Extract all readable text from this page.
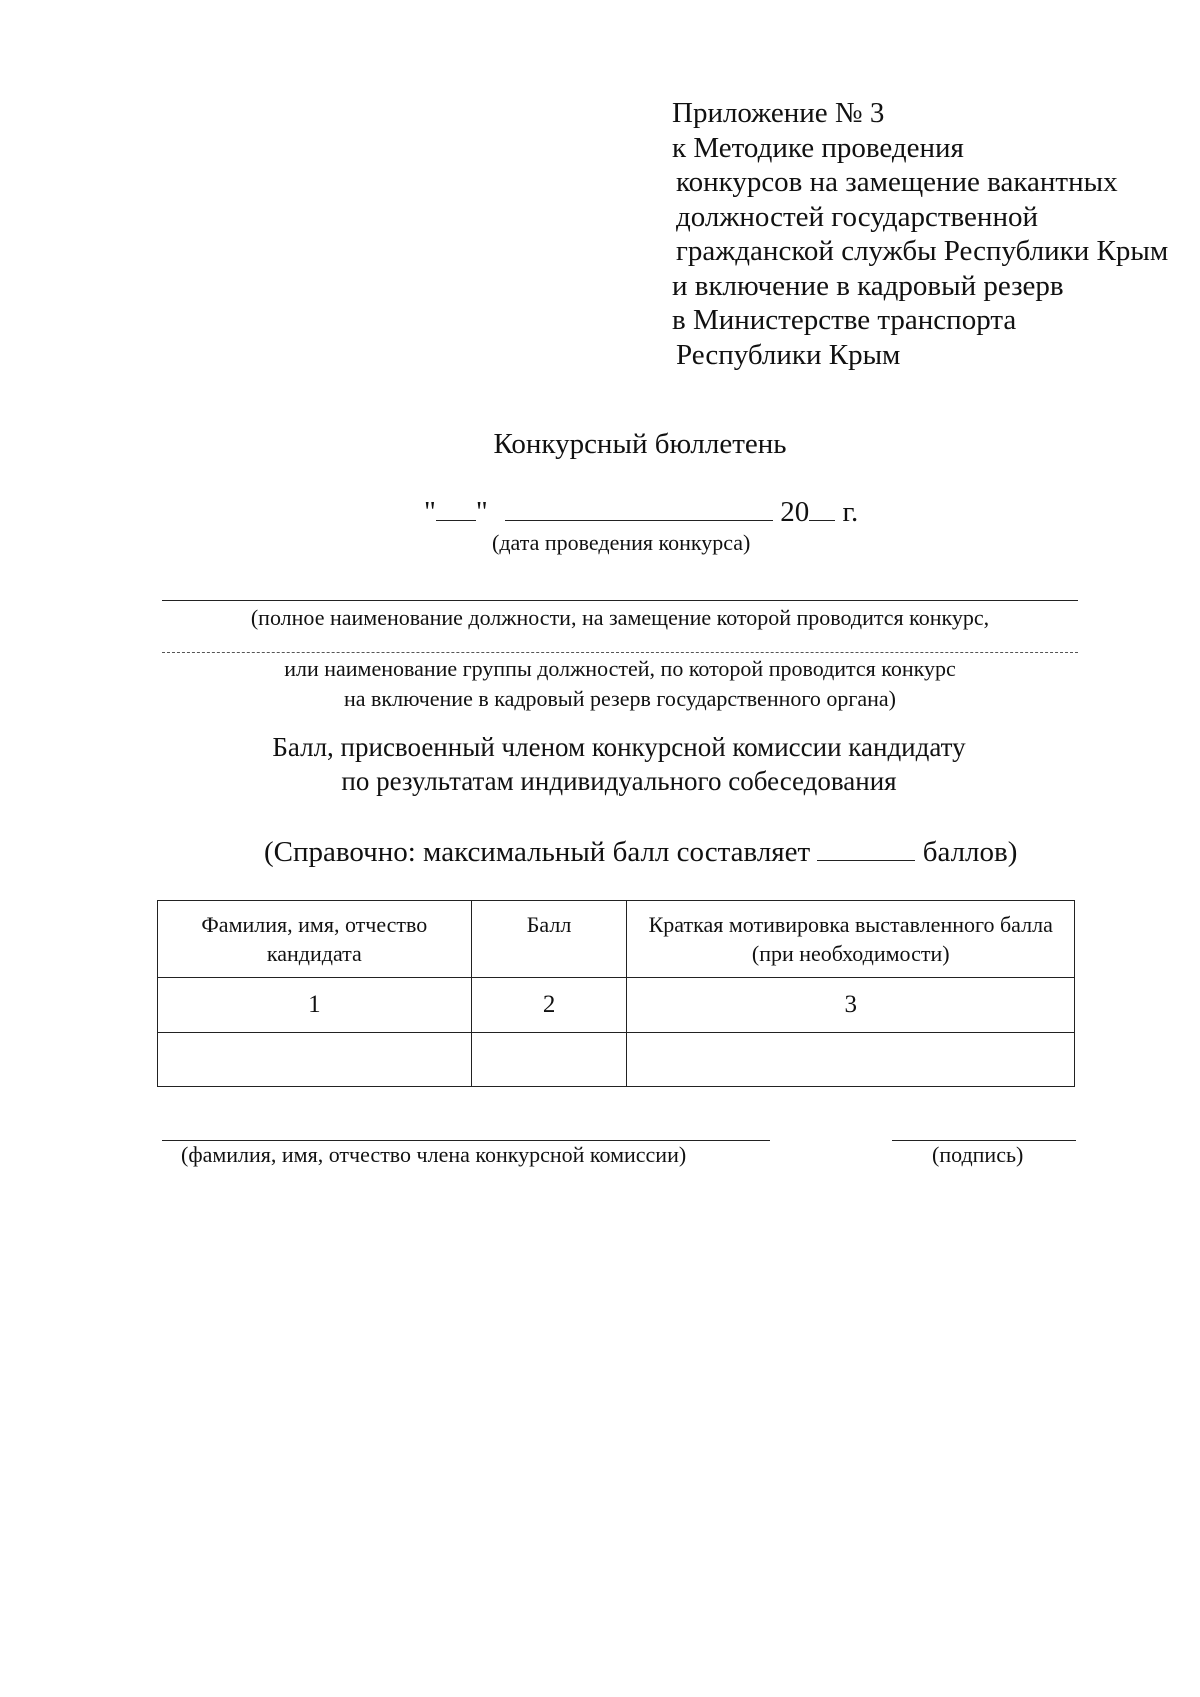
Приложение № 3
к Методике проведения
конкурсов на замещение вакантных
должностей государственной
гражданской службы Республики Крым
и включение в кадровый резерв
в Министерстве транспорта
Республики Крым
Конкурсный бюллетень
" "	20 г.
(дата проведения конкурса)
(полное наименование должности, на замещение которой проводится конкурс,
или наименование группы должностей, по которой проводится конкурс
на включение в кадровый резерв государственного органа)
Балл, присвоенный членом конкурсной комиссии кандидату
по результатам индивидуального собеседования
(Справочно: максимальный балл составляет	баллов)
Фамилия, имя, отчество кандидата	Балл	Краткая мотивировка выставленного балла (при необходимости)
1	2	3

(фамилия, имя, отчество члена конкурсной комиссии)	(подпись)
